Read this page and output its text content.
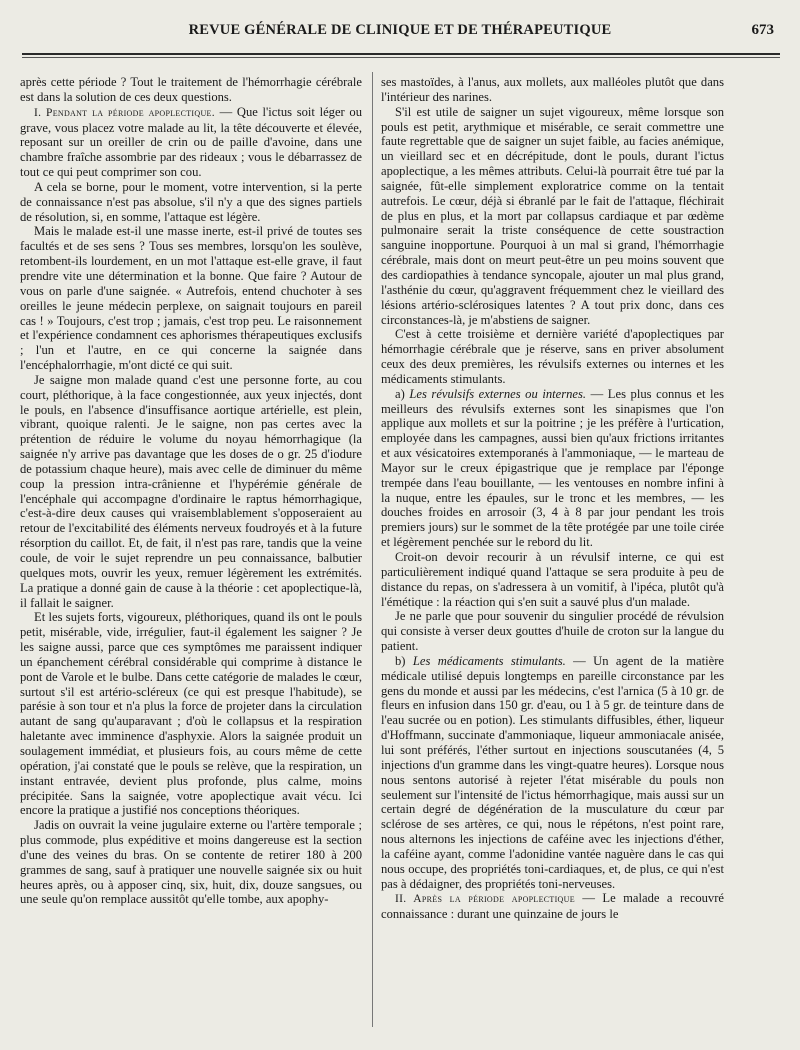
REVUE GÉNÉRALE DE CLINIQUE ET DE THÉRAPEUTIQUE	673

après cette période ? Tout le traitement de l'hémorrhagie cérébrale est dans la solution de ces deux questions.

I. Pendant la période apoplectique. — Que l'ictus soit léger ou grave, vous placez votre malade au lit, la tête découverte et élevée, reposant sur un oreiller de crin ou de paille d'avoine, dans une chambre fraîche assombrie par des rideaux ; vous le débarrassez de tout ce qui peut comprimer son cou.

A cela se borne, pour le moment, votre intervention, si la perte de connaissance n'est pas absolue, s'il n'y a que des signes partiels de résolution, si, en somme, l'attaque est légère.

Mais le malade est-il une masse inerte, est-il privé de toutes ses facultés et de ses sens ? Tous ses membres, lorsqu'on les soulève, retombent-ils lourdement, en un mot l'attaque est-elle grave, il faut prendre vite une détermination et la bonne. Que faire ? Autour de vous on parle d'une saignée. « Autrefois, entend chuchoter à ses oreilles le jeune médecin perplexe, on saignait toujours en pareil cas ! » Toujours, c'est trop ; jamais, c'est trop peu. Le raisonnement et l'expérience condamnent ces aphorismes thérapeutiques exclusifs ; l'un et l'autre, en ce qui concerne la saignée dans l'encéphalorrhagie, m'ont dicté ce qui suit.

Je saigne mon malade quand c'est une personne forte, au cou court, pléthorique, à la face congestionnée, aux yeux injectés, dont le pouls, en l'absence d'insuffisance aortique artérielle, est plein, vibrant, quoique ralenti. Je le saigne, non pas certes avec la prétention de réduire le volume du noyau hémorrhagique (la saignée n'y arrive pas davantage que les doses de o gr. 25 d'iodure de potassium chaque heure), mais avec celle de diminuer du même coup la pression intra-crânienne et l'hypérémie générale de l'encéphale qui accompagne d'ordinaire le raptus hémorrhagique, c'est-à-dire deux causes qui vraisemblablement s'opposeraient au retour de l'excitabilité des éléments nerveux foudroyés et à la future résorption du caillot. Et, de fait, il n'est pas rare, tandis que la veine coule, de voir le sujet reprendre un peu connaissance, balbutier quelques mots, ouvrir les yeux, remuer légèrement les extrémités. La pratique a donné gain de cause à la théorie : cet apoplectique-là, il fallait le saigner.

Et les sujets forts, vigoureux, pléthoriques, quand ils ont le pouls petit, misérable, vide, irrégulier, faut-il également les saigner ? Je les saigne aussi, parce que ces symptômes me paraissent indiquer un épanchement cérébral considérable qui comprime à distance le pont de Varole et le bulbe. Dans cette catégorie de malades le cœur, surtout s'il est artério-scléreux (ce qui est presque l'habitude), se parésie à son tour et n'a plus la force de projeter dans la circulation autant de sang qu'auparavant ; d'où le collapsus et la respiration haletante avec imminence d'asphyxie. Alors la saignée produit un soulagement immédiat, et plusieurs fois, au cours même de cette opération, j'ai constaté que le pouls se relève, que la respiration, un instant entravée, devient plus profonde, plus calme, moins précipitée. Sans la saignée, votre apoplectique avait vécu. Ici encore la pratique a justifié nos conceptions théoriques.

Jadis on ouvrait la veine jugulaire externe ou l'artère temporale ; plus commode, plus expéditive et moins dangereuse est la section d'une des veines du bras. On se contente de retirer 180 à 200 grammes de sang, sauf à pratiquer une nouvelle saignée six ou huit heures après, ou à apposer cinq, six, huit, dix, douze sangsues, ou une seule qu'on remplace aussitôt qu'elle tombe, aux apophy-

ses mastoïdes, à l'anus, aux mollets, aux malléoles plutôt que dans l'intérieur des narines.

S'il est utile de saigner un sujet vigoureux, même lorsque son pouls est petit, arythmique et misérable, ce serait commettre une faute regrettable que de saigner un sujet faible, au facies anémique, un vieillard sec et en décrépitude, dont le pouls, durant l'ictus apoplectique, a les mêmes attributs. Celui-là pourrait être tué par la saignée, fût-elle simplement exploratrice comme on la tentait autrefois. Le cœur, déjà si ébranlé par le fait de l'attaque, fléchirait de plus en plus, et la mort par collapsus cardiaque et par œdème pulmonaire serait la triste conséquence de cette soustraction sanguine inopportune. Pourquoi à un mal si grand, l'hémorrhagie cérébrale, mais dont on meurt peut-être un peu moins souvent que des cardiopathies à tendance syncopale, ajouter un mal plus grand, l'asthénie du cœur, qu'aggravent fréquemment chez le vieillard des lésions artério-sclérosiques latentes ? A tout prix donc, dans ces circonstances-là, je m'abstiens de saigner.

C'est à cette troisième et dernière variété d'apoplectiques par hémorrhagie cérébrale que je réserve, sans en priver absolument ceux des deux premières, les révulsifs externes ou internes et les médicaments stimulants.

a) Les révulsifs externes ou internes. — Les plus connus et les meilleurs des révulsifs externes sont les sinapismes que l'on applique aux mollets et sur la poitrine ; je les préfère à l'urtication, employée dans les campagnes, aussi bien qu'aux frictions irritantes et aux vésicatoires extemporanés à l'ammoniaque, — le marteau de Mayor sur le creux épigastrique que je remplace par l'éponge trempée dans l'eau bouillante, — les ventouses en nombre infini à la nuque, entre les épaules, sur le tronc et les membres, — les douches froides en arrosoir (3, 4 à 8 par jour pendant les trois premiers jours) sur le sommet de la tête protégée par une toile cirée et légèrement penchée sur le rebord du lit.

Croit-on devoir recourir à un révulsif interne, ce qui est particulièrement indiqué quand l'attaque se sera produite à peu de distance du repas, on s'adressera à un vomitif, à l'ipéca, plutôt qu'à l'émétique : la réaction qui s'en suit a sauvé plus d'un malade.

Je ne parle que pour souvenir du singulier procédé de révulsion qui consiste à verser deux gouttes d'huile de croton sur la langue du patient.

b) Les médicaments stimulants. — Un agent de la matière médicale utilisé depuis longtemps en pareille circonstance par les gens du monde et aussi par les médecins, c'est l'arnica (5 à 10 gr. de fleurs en infusion dans 150 gr. d'eau, ou 1 à 5 gr. de teinture dans de l'eau sucrée ou en potion). Les stimulants diffusibles, éther, liqueur d'Hoffmann, succinate d'ammoniaque, liqueur ammoniacale anisée, lui sont préférés, l'éther surtout en injections souscutanées (4, 5 injections d'un gramme dans les vingt-quatre heures). Lorsque nous nous sentons autorisé à rejeter l'état misérable du pouls non seulement sur l'intensité de l'ictus hémorrhagique, mais aussi sur un certain degré de dégénération de la musculature du cœur par sclérose de ses artères, ce qui, nous le répétons, n'est point rare, nous alternons les injections de caféine avec les injections d'éther, la caféine ayant, comme l'adonidine vantée naguère dans le cas qui nous occupe, des propriétés toni-cardiaques, et, de plus, ce qui n'est pas à dédaigner, des propriétés toni-nerveuses.

II. Après la période apoplectique — Le malade a recouvré connaissance : durant une quinzaine de jours le
